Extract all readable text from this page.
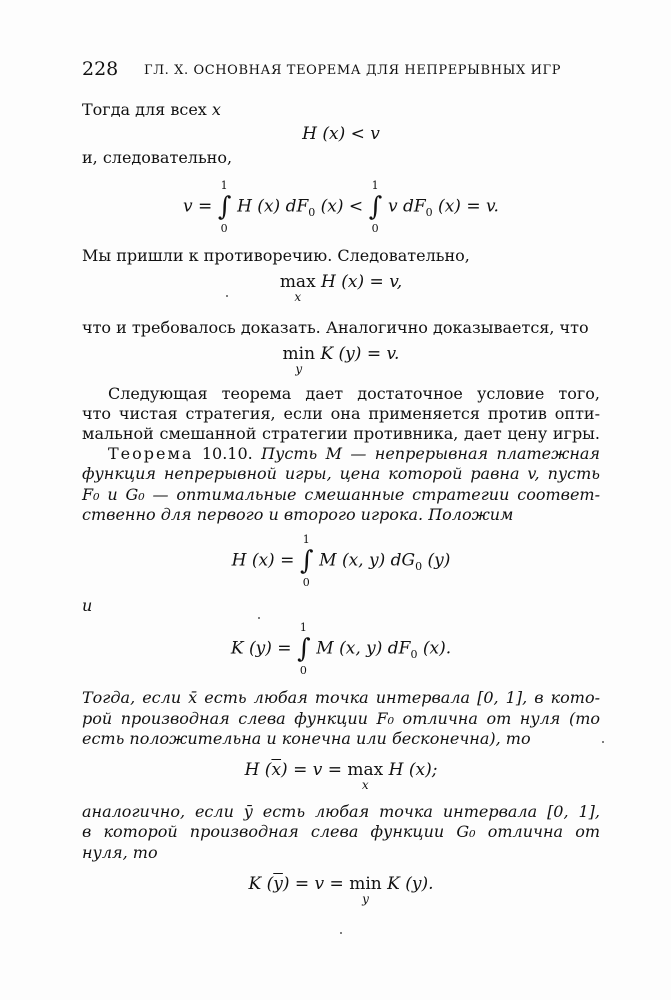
228 ГЛ. X. ОСНОВНАЯ ТЕОРЕМА ДЛЯ НЕПРЕРЫВНЫХ ИГР
Тогда для всех x
H (x) < v
и, следовательно,
v = ∫
1
0
H (x) $dF_0$ (x) < ∫
1
0
v $dF_0$ (x) = v.
Мы пришли к противоречию. Следовательно,
max
x
H (x) = v,
что и требовалось доказать. Аналогично доказывается, что
min
y
K (y) = v.
Следующая теорема дает достаточное условие того,
что чистая стратегия, если она применяется против опти-
мальной смешанной стратегии противника, дает цену игры.
Теорема 10.10. Пусть M — непрерывная платежная
функция непрерывной игры, цена которой равна v, пусть
F₀ и G₀ — оптимальные смешанные стратегии соответ-
ственно для первого и второго игрока. Положим
H (x) = ∫
1
0
M (x, y) $dG_0$ (y)
и
K (y) = ∫
1
0
M (x, y) $dF_0$ (x).
Тогда, если x̄ есть любая точка интервала [0, 1], в кото-
рой производная слева функции F₀ отлична от нуля (то
есть положительна и конечна или бесконечна), то
H $(\overline{x}) = v = \max$
x
H (x);
аналогично, если ȳ есть любая точка интервала [0, 1],
в которой производная слева функции G₀ отлична от
нуля, то
K $(\overline{y}) = v = \min$
y
K (y).
